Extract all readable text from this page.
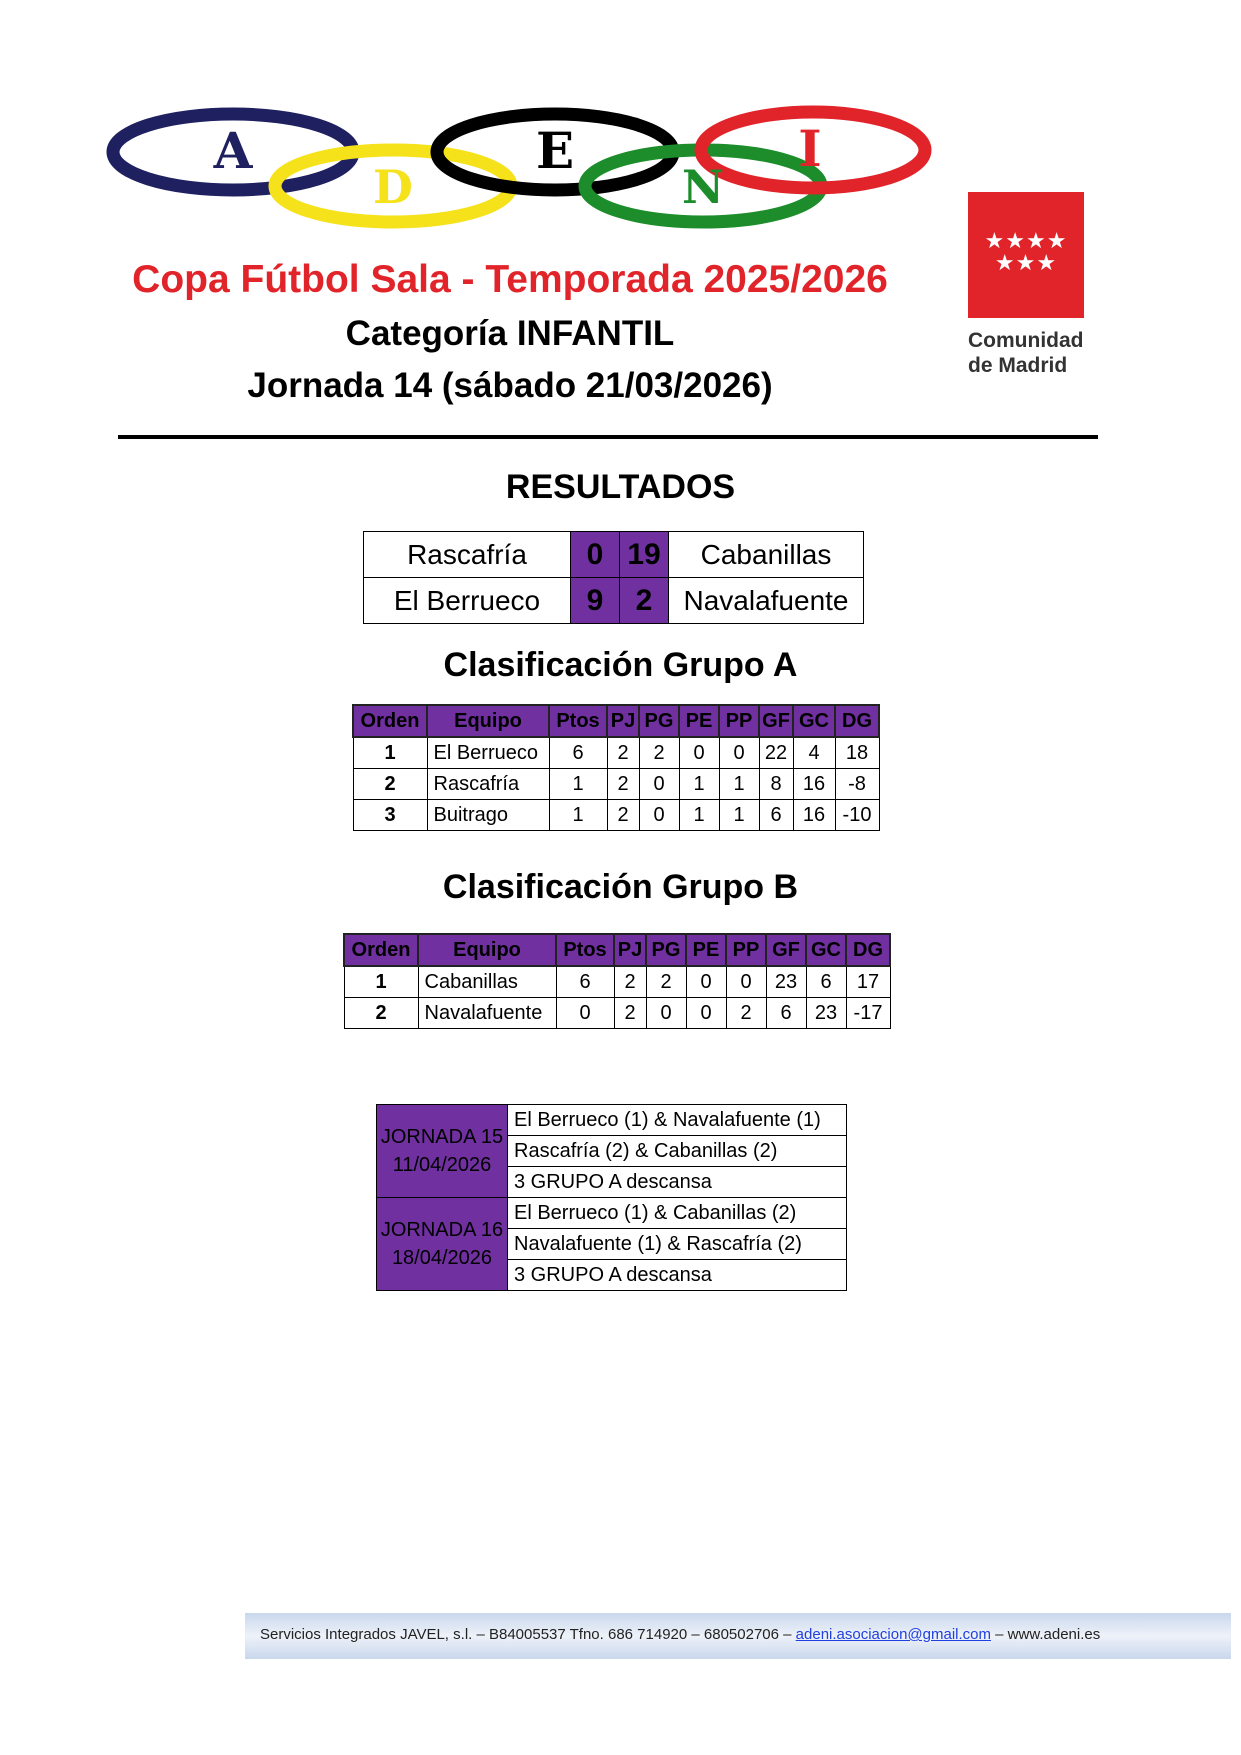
A
D
E
N
I
★★★★ ★★★
Comunidad
de Madrid
Copa Fútbol Sala - Temporada 2025/2026
Categoría INFANTIL
Jornada 14 (sábado 21/03/2026)
RESULTADOS
Rascafría	0	19	Cabanillas
El Berrueco	9	2	Navalafuente
Clasificación Grupo A
Orden	Equipo	Ptos	PJ	PG	PE	PP	GF	GC	DG
1	El Berrueco	6	2	2	0	0	22	4	18
2	Rascafría	1	2	0	1	1	8	16	-8
3	Buitrago	1	2	0	1	1	6	16	-10
Clasificación Grupo B
Orden	Equipo	Ptos	PJ	PG	PE	PP	GF	GC	DG
1	Cabanillas	6	2	2	0	0	23	6	17
2	Navalafuente	0	2	0	0	2	6	23	-17
JORNADA 15
11/04/2026	El Berrueco (1) & Navalafuente (1)
	Rascafría (2) & Cabanillas (2)
	3 GRUPO A descansa

JORNADA 16
18/04/2026	El Berrueco (1) & Cabanillas (2)
	Navalafuente (1) & Rascafría (2)
	3 GRUPO A descansa
Servicios Integrados JAVEL, s.l. – B84005537 Tfno. 686 714920 – 680502706 – adeni.asociacion@gmail.com – www.adeni.es
